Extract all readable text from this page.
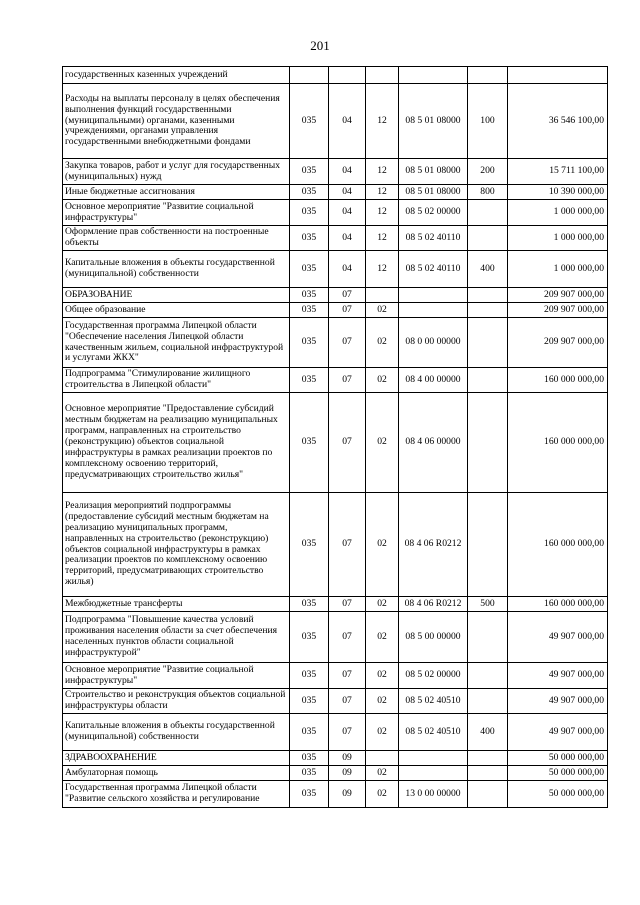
201
государственных казенных учреждений						
Расходы на выплаты персоналу в целях обеспечения выполнения функций государственными (муниципальными) органами, казенными учреждениями, органами управления государственными внебюджетными фондами	035	04	12	08 5 01 08000	100	36 546 100,00
Закупка товаров, работ и услуг для государственных (муниципальных) нужд	035	04	12	08 5 01 08000	200	15 711 100,00
Иные бюджетные ассигнования	035	04	12	08 5 01 08000	800	10 390 000,00
Основное мероприятие "Развитие социальной инфраструктуры"	035	04	12	08 5 02 00000		1 000 000,00
Оформление прав собственности на построенные объекты	035	04	12	08 5 02 40110		1 000 000,00
Капитальные вложения в объекты государственной (муниципальной) собственности	035	04	12	08 5 02 40110	400	1 000 000,00
ОБРАЗОВАНИЕ	035	07				209 907 000,00
Общее образование	035	07	02			209 907 000,00
Государственная программа Липецкой области "Обеспечение населения Липецкой области качественным жильем, социальной инфраструктурой и услугами ЖКХ"	035	07	02	08 0 00 00000		209 907 000,00
Подпрограмма "Стимулирование жилищного строительства в Липецкой области"	035	07	02	08 4 00 00000		160 000 000,00
Основное мероприятие "Предоставление субсидий местным бюджетам на реализацию муниципальных программ, направленных на строительство (реконструкцию) объектов социальной инфраструктуры в рамках реализации проектов по комплексному освоению территорий, предусматривающих строительство жилья"	035	07	02	08 4 06 00000		160 000 000,00
Реализация мероприятий подпрограммы (предоставление субсидий местным бюджетам на реализацию муниципальных программ, направленных на строительство (реконструкцию) объектов социальной инфраструктуры в рамках реализации проектов по комплексному освоению территорий, предусматривающих строительство жилья)	035	07	02	08 4 06 R0212		160 000 000,00
Межбюджетные трансферты	035	07	02	08 4 06 R0212	500	160 000 000,00
Подпрограмма "Повышение качества условий проживания населения области за счет обеспечения населенных пунктов области социальной инфраструктурой"	035	07	02	08 5 00 00000		49 907 000,00
Основное мероприятие "Развитие социальной инфраструктуры"	035	07	02	08 5 02 00000		49 907 000,00
Строительство и реконструкция объектов социальной инфраструктуры области	035	07	02	08 5 02 40510		49 907 000,00
Капитальные вложения в объекты государственной (муниципальной) собственности	035	07	02	08 5 02 40510	400	49 907 000,00
ЗДРАВООХРАНЕНИЕ	035	09				50 000 000,00
Амбулаторная помощь	035	09	02			50 000 000,00
Государственная программа Липецкой области "Развитие сельского хозяйства и регулирование	035	09	02	13 0 00 00000		50 000 000,00
